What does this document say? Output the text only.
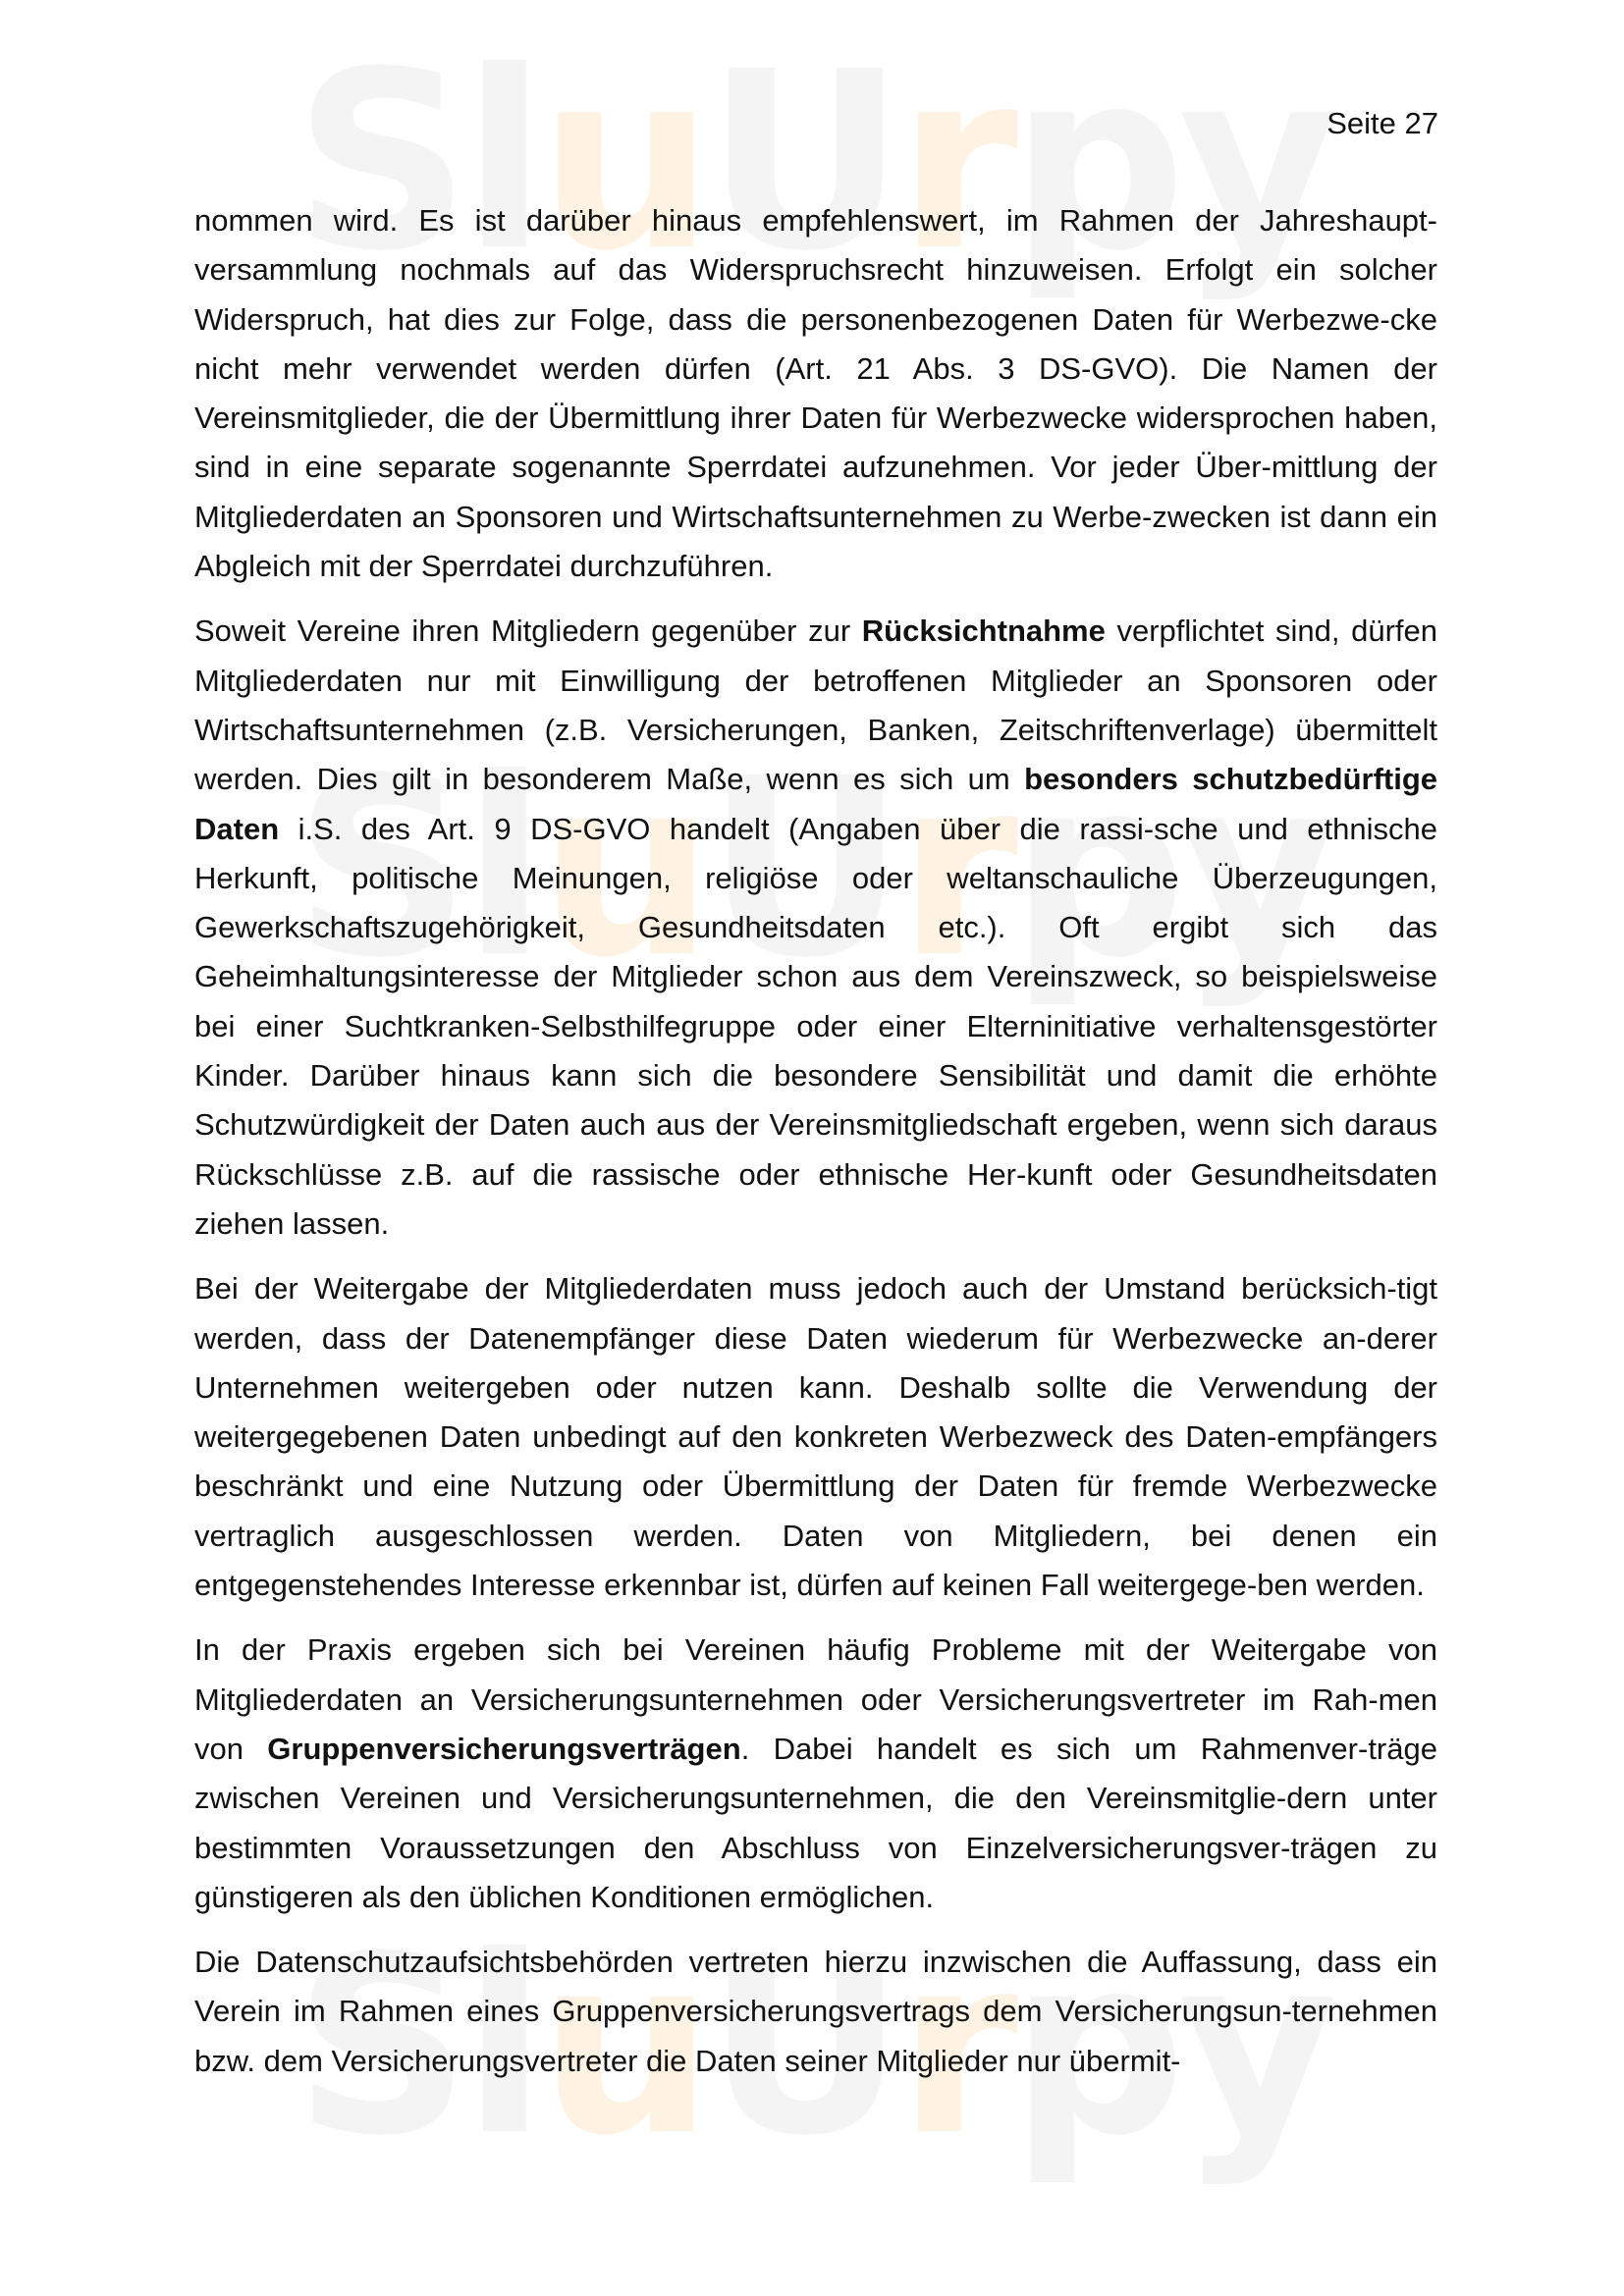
u r
u r
u r

Seite 27

nommen wird. Es ist darüber hinaus empfehlenswert, im Rahmen der Jahreshaupt-versammlung nochmals auf das Widerspruchsrecht hinzuweisen. Erfolgt ein solcher Widerspruch, hat dies zur Folge, dass die personenbezogenen Daten für Werbezwe-cke nicht mehr verwendet werden dürfen (Art. 21 Abs. 3 DS-GVO). Die Namen der Vereinsmitglieder, die der Übermittlung ihrer Daten für Werbezwecke widersprochen haben, sind in eine separate sogenannte Sperrdatei aufzunehmen. Vor jeder Über-mittlung der Mitgliederdaten an Sponsoren und Wirtschaftsunternehmen zu Werbe-zwecken ist dann ein Abgleich mit der Sperrdatei durchzuführen.

Soweit Vereine ihren Mitgliedern gegenüber zur Rücksichtnahme verpflichtet sind, dürfen Mitgliederdaten nur mit Einwilligung der betroffenen Mitglieder an Sponsoren oder Wirtschaftsunternehmen (z.B. Versicherungen, Banken, Zeitschriftenverlage) übermittelt werden. Dies gilt in besonderem Maße, wenn es sich um besonders schutzbedürftige Daten i.S. des Art. 9 DS-GVO handelt (Angaben über die rassi-sche und ethnische Herkunft, politische Meinungen, religiöse oder weltanschauliche Überzeugungen, Gewerkschaftszugehörigkeit, Gesundheitsdaten etc.). Oft ergibt sich das Geheimhaltungsinteresse der Mitglieder schon aus dem Vereinszweck, so beispielsweise bei einer Suchtkranken-Selbsthilfegruppe oder einer Elterninitiative verhaltensgestörter Kinder. Darüber hinaus kann sich die besondere Sensibilität und damit die erhöhte Schutzwürdigkeit der Daten auch aus der Vereinsmitgliedschaft ergeben, wenn sich daraus Rückschlüsse z.B. auf die rassische oder ethnische Her-kunft oder Gesundheitsdaten ziehen lassen.

Bei der Weitergabe der Mitgliederdaten muss jedoch auch der Umstand berücksich-tigt werden, dass der Datenempfänger diese Daten wiederum für Werbezwecke an-derer Unternehmen weitergeben oder nutzen kann. Deshalb sollte die Verwendung der weitergegebenen Daten unbedingt auf den konkreten Werbezweck des Daten-empfängers beschränkt und eine Nutzung oder Übermittlung der Daten für fremde Werbezwecke vertraglich ausgeschlossen werden. Daten von Mitgliedern, bei denen ein entgegenstehendes Interesse erkennbar ist, dürfen auf keinen Fall weitergege-ben werden.

In der Praxis ergeben sich bei Vereinen häufig Probleme mit der Weitergabe von Mitgliederdaten an Versicherungsunternehmen oder Versicherungsvertreter im Rah-men von Gruppenversicherungsverträgen. Dabei handelt es sich um Rahmenver-träge zwischen Vereinen und Versicherungsunternehmen, die den Vereinsmitglie-dern unter bestimmten Voraussetzungen den Abschluss von Einzelversicherungsver-trägen zu günstigeren als den üblichen Konditionen ermöglichen.

Die Datenschutzaufsichtsbehörden vertreten hierzu inzwischen die Auffassung, dass ein Verein im Rahmen eines Gruppenversicherungsvertrags dem Versicherungsun-ternehmen bzw. dem Versicherungsvertreter die Daten seiner Mitglieder nur übermit-
